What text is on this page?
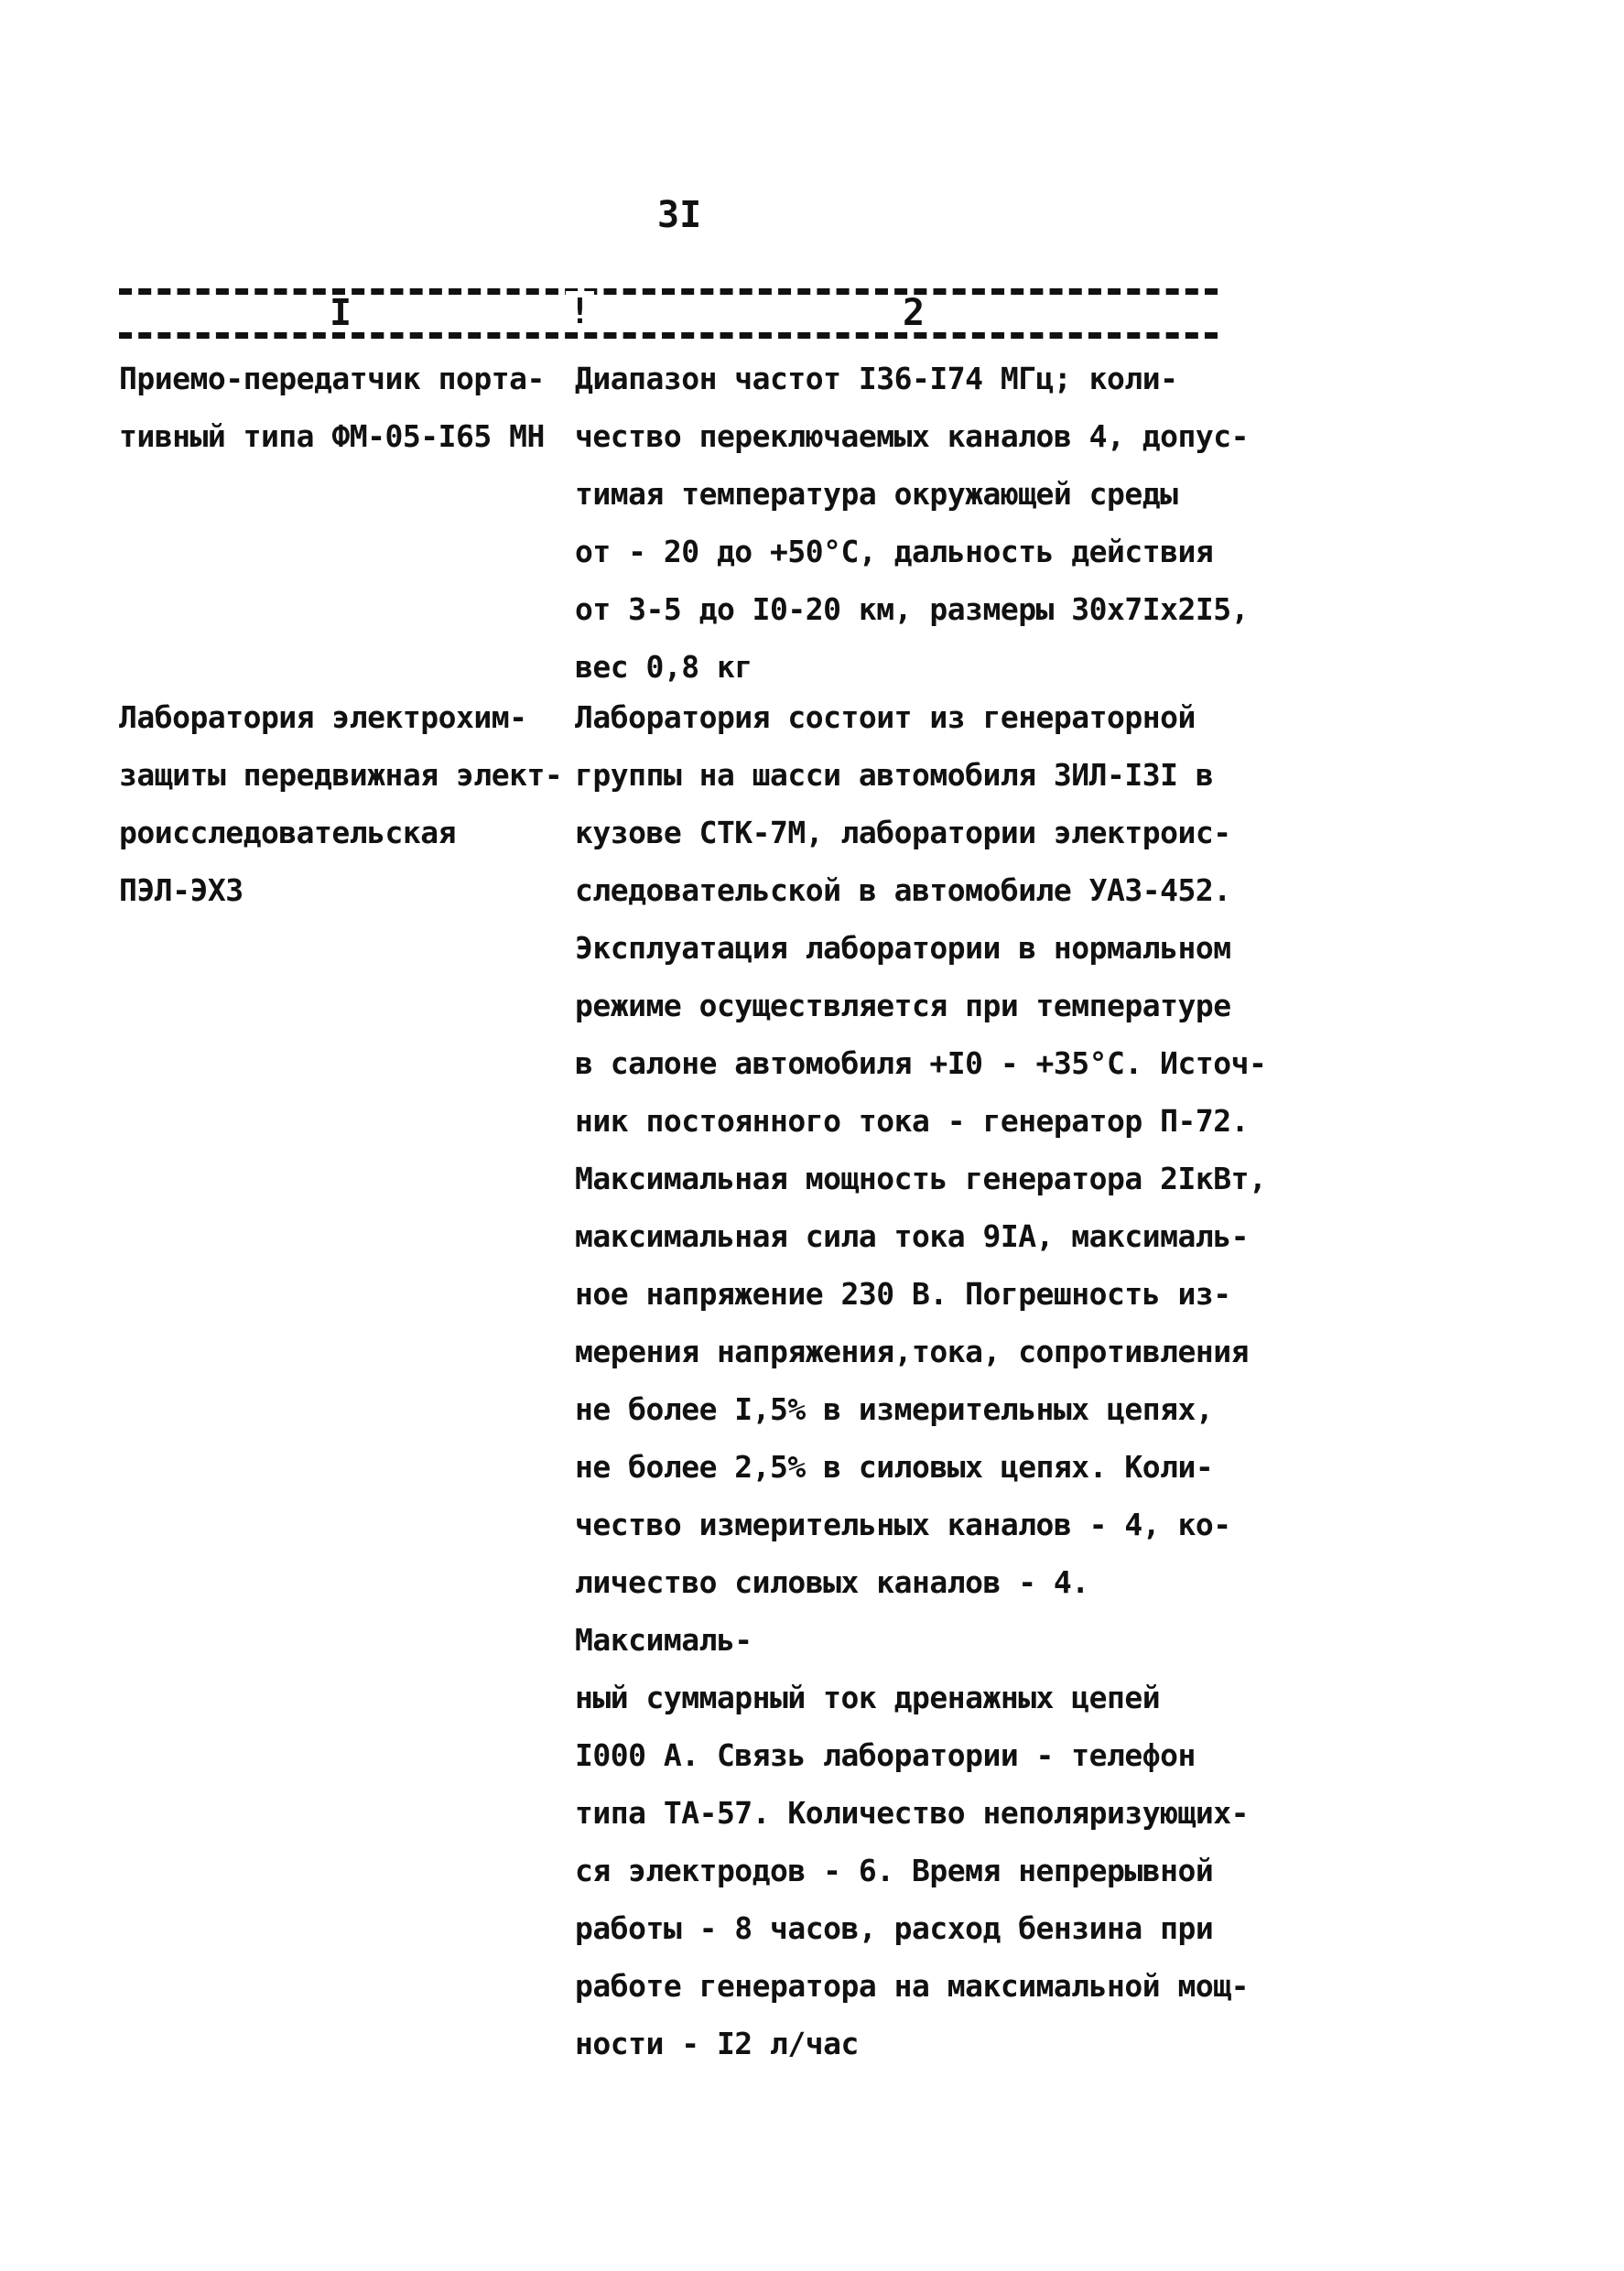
3I
I	!	2

Приемо-передатчик порта-
тивный типа ФМ-05-I65 МН

Диапазон частот I36-I74 МГц; коли-
чество переключаемых каналов 4, допус-
тимая температура окружающей среды
от - 20 до +50°С, дальность действия
от 3-5 до I0-20 км, размеры 30x7Ix2I5,
вес 0,8 кг

Лаборатория электрохим-
защиты передвижная элект-
роисследовательская
ПЭЛ-ЭХЗ

Лаборатория состоит из генераторной
группы на шасси автомобиля ЗИЛ-I3I в
кузове СТК-7М, лаборатории электроис-
следовательской в автомобиле УАЗ-452.
Эксплуатация лаборатории в нормальном
режиме осуществляется при температуре
в салоне автомобиля +I0 - +35°С. Источ-
ник постоянного тока - генератор П-72.
Максимальная мощность генератора 2IкВт,
максимальная сила тока 9IA, максималь-
ное напряжение 230 В. Погрешность из-
мерения напряжения,тока, сопротивления
не более I,5% в измерительных цепях,
не более 2,5% в силовых цепях. Коли-
чество измерительных каналов - 4, ко-
личество силовых каналов - 4. Максималь-
ный суммарный ток дренажных цепей
I000 А. Связь лаборатории - телефон
типа ТА-57. Количество неполяризующих-
ся электродов - 6. Время непрерывной
работы - 8 часов, расход бензина при
работе генератора на максимальной мощ-
ности - I2 л/час
